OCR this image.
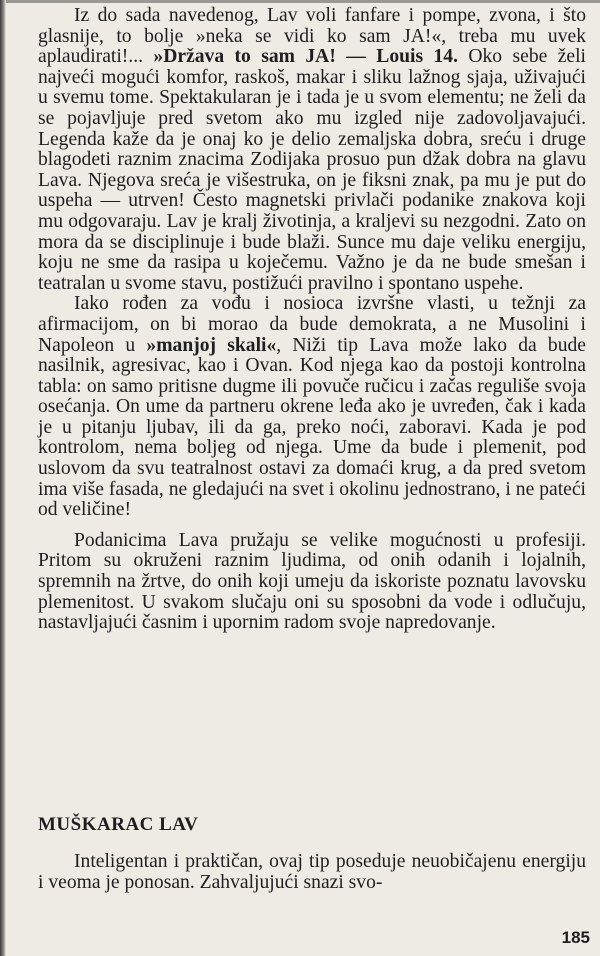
Iz do sada navedenog, Lav voli fanfare i pompe, zvona, i što glasnije, to bolje »neka se vidi ko sam JA!«, treba mu uvek aplaudirati!... »Država to sam JA! — Louis 14. Oko sebe želi najveći mogući komfor, raskoš, makar i sliku lažnog sjaja, uživajući u svemu tome. Spektakularan je i tada je u svom elementu; ne želi da se pojavljuje pred svetom ako mu izgled nije zadovoljavajući. Legenda kaže da je onaj ko je delio zemaljska dobra, sreću i druge blagodeti raznim znacima Zodijaka prosuo pun džak dobra na glavu Lava. Njegova sreća je višestruka, on je fiksni znak, pa mu je put do uspeha — utrven! Često magnetski privlači podanike znakova koji mu odgovaraju. Lav je kralj životinja, a kraljevi su nezgodni. Zato on mora da se disciplinuje i bude blaži. Sunce mu daje veliku energiju, koju ne sme da rasipa u koječemu. Važno je da ne bude smešan i teatralan u svome stavu, postižući pravilno i spontano uspehe.

Iako rođen za vođu i nosioca izvršne vlasti, u težnji za afirmacijom, on bi morao da bude demokrata, a ne Musolini i Napoleon u »manjoj skali«, Niži tip Lava može lako da bude nasilnik, agresivac, kao i Ovan. Kod njega kao da postoji kontrolna tabla: on samo pritisne dugme ili povuče ručicu i začas reguliše svoja osećanja. On ume da partneru okrene leđa ako je uvređen, čak i kada je u pitanju ljubav, ili da ga, preko noći, zaboravi. Kada je pod kontrolom, nema boljeg od njega. Ume da bude i plemenit, pod uslovom da svu teatralnost ostavi za domaći krug, a da pred svetom ima više fasada, ne gledajući na svet i okolinu jednostrano, i ne pateći od veličine!

Podanicima Lava pružaju se velike mogućnosti u profesiji. Pritom su okruženi raznim ljudima, od onih odanih i lojalnih, spremnih na žrtve, do onih koji umeju da iskoriste poznatu lavovsku plemenitost. U svakom slučaju oni su sposobni da vode i odlučuju, nastavljajući časnim i upornim radom svoje napredovanje.

MUŠKARAC LAV

Inteligentan i praktičan, ovaj tip poseduje neuobičajenu energiju i veoma je ponosan. Zahvaljujući snazi svo-

185
